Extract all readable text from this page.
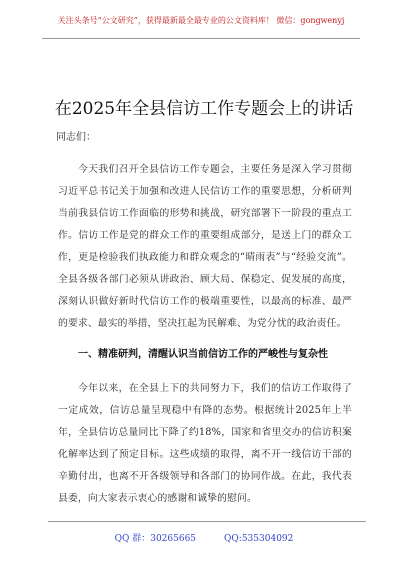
关注头条号“公文研究”，获得最新最全最专业的公文资料库！ 微信：gongwenyj
在2025年全县信访工作专题会上的讲话
同志们：

今天我们召开全县信访工作专题会，主要任务是深入学习贯彻习近平总书记关于加强和改进人民信访工作的重要思想，分析研判当前我县信访工作面临的形势和挑战，研究部署下一阶段的重点工作。信访工作是党的群众工作的重要组成部分，是送上门的群众工作，更是检验我们执政能力和群众观念的“晴雨表”与“经验交流”。全县各级各部门必须从讲政治、顾大局、保稳定、促发展的高度，深刻认识做好新时代信访工作的极端重要性，以最高的标准、最严的要求、最实的举措，坚决扛起为民解难、为党分忧的政治责任。

一、精准研判，清醒认识当前信访工作的严峻性与复杂性

今年以来，在全县上下的共同努力下，我们的信访工作取得了一定成效，信访总量呈现稳中有降的态势。根据统计2025年上半年，全县信访总量同比下降了约18%，国家和省里交办的信访积案化解率达到了预定目标。这些成绩的取得，离不开一线信访干部的辛勤付出，也离不开各级领导和各部门的协同作战。在此，我代表县委，向大家表示衷心的感谢和诚挚的慰问。

QQ 群：30265665	QQ:535304092
